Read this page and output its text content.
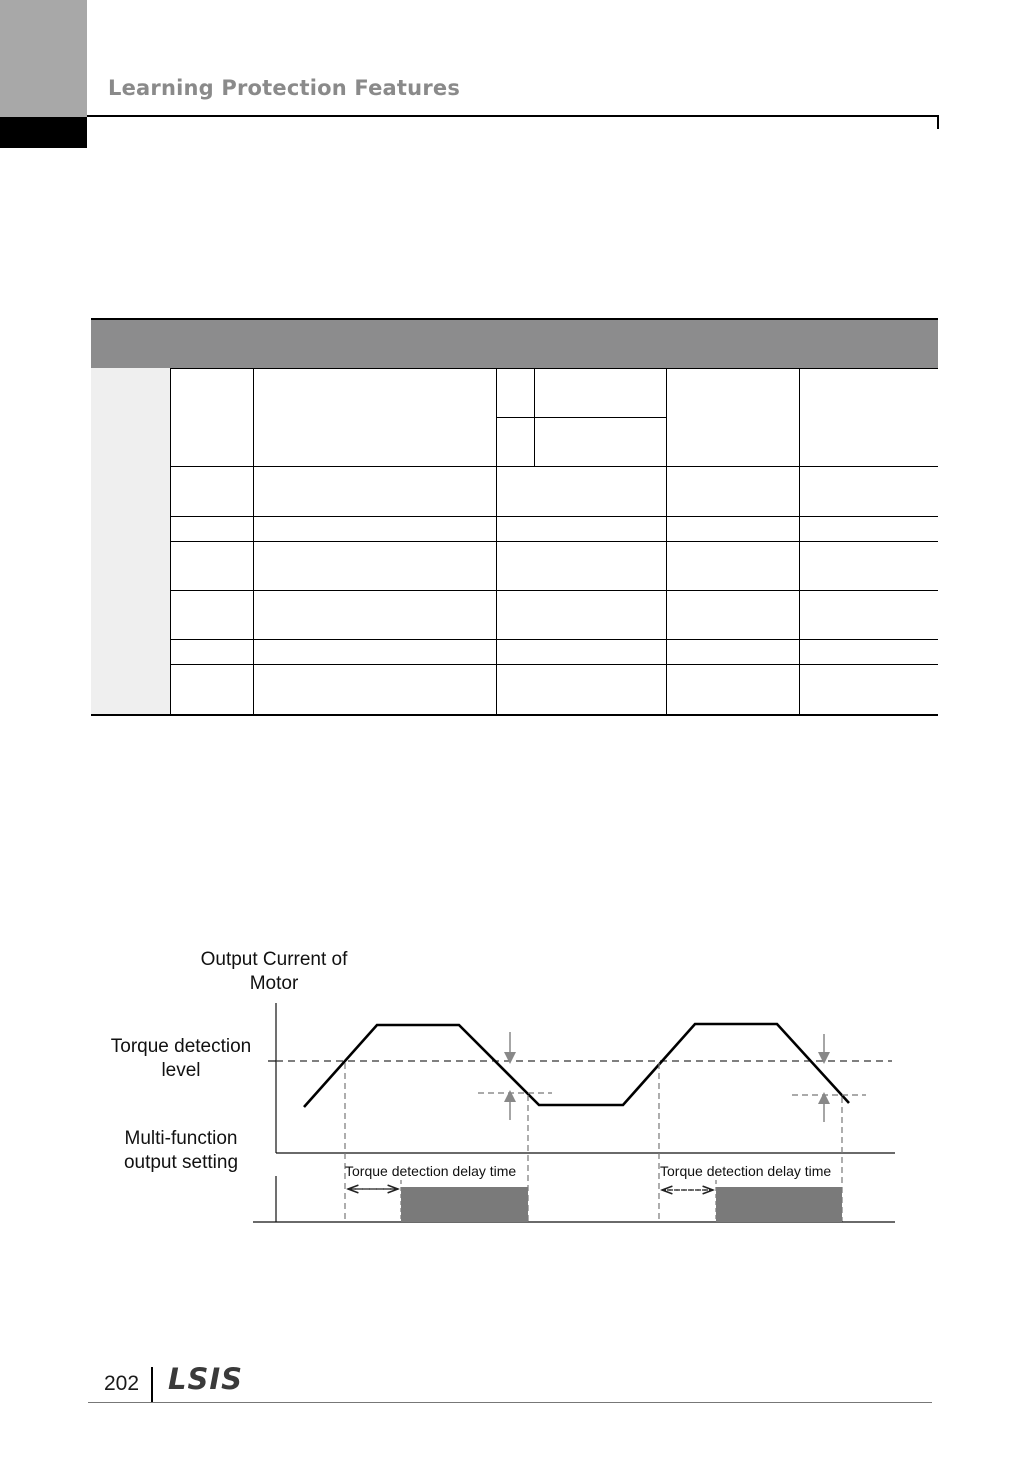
Learning Protection Features
Output Current of
Motor
Torque detection
level
Multi-function
output setting	Torque detection delay time	Torque detection delay time
202 LSIS
